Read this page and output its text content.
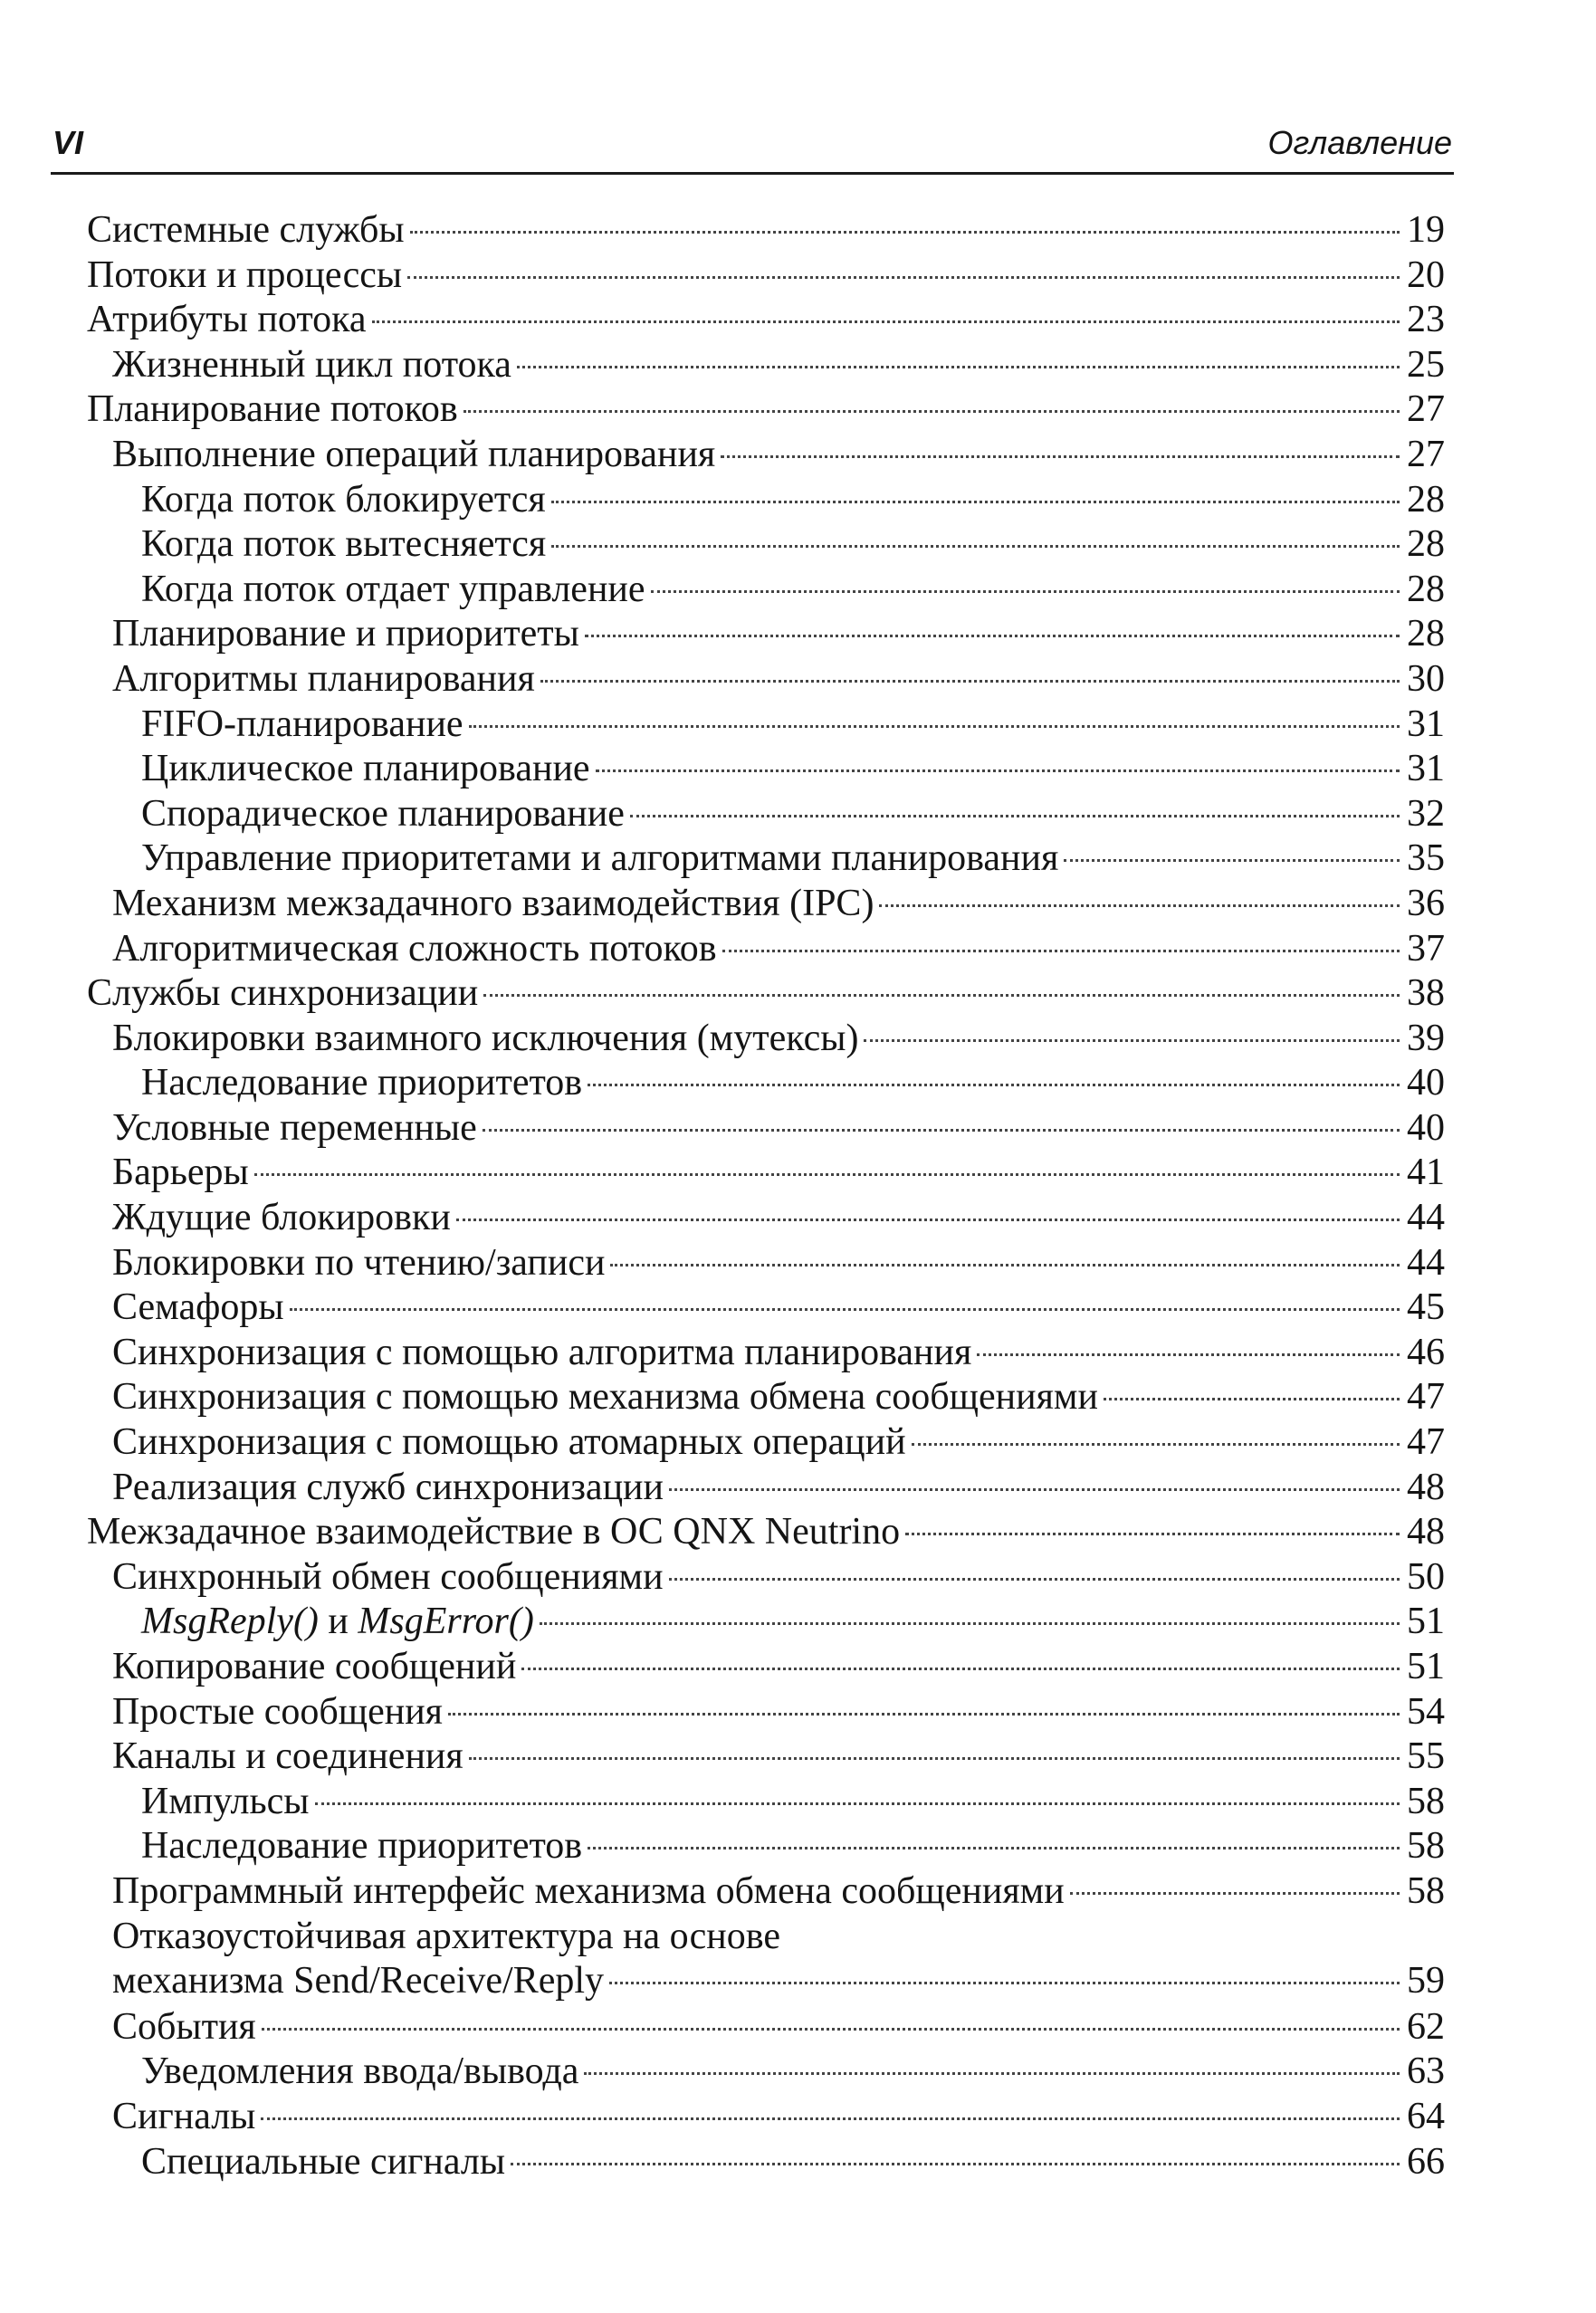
VI	Оглавление
Системные службы	19
Потоки и процессы	20
Атрибуты потока	23
Жизненный цикл потока	25
Планирование потоков	27
Выполнение операций планирования	27
Когда поток блокируется	28
Когда поток вытесняется	28
Когда поток отдает управление	28
Планирование и приоритеты	28
Алгоритмы планирования	30
FIFO-планирование	31
Циклическое планирование	31
Спорадическое планирование	32
Управление приоритетами и алгоритмами планирования	35
Механизм межзадачного взаимодействия (IPC)	36
Алгоритмическая сложность потоков	37
Службы синхронизации	38
Блокировки взаимного исключения (мутексы)	39
Наследование приоритетов	40
Условные переменные	40
Барьеры	41
Ждущие блокировки	44
Блокировки по чтению/записи	44
Семафоры	45
Синхронизация с помощью алгоритма планирования	46
Синхронизация с помощью механизма обмена сообщениями	47
Синхронизация с помощью атомарных операций	47
Реализация служб синхронизации	48
Межзадачное взаимодействие в ОС QNX Neutrino	48
Синхронный обмен сообщениями	50
MsgReply() и MsgError()	51
Копирование сообщений	51
Простые сообщения	54
Каналы и соединения	55
Импульсы	58
Наследование приоритетов	58
Программный интерфейс механизма обмена сообщениями	58
Отказоустойчивая архитектура на основе
механизма Send/Receive/Reply	59
События	62
Уведомления ввода/вывода	63
Сигналы	64
Специальные сигналы	66
